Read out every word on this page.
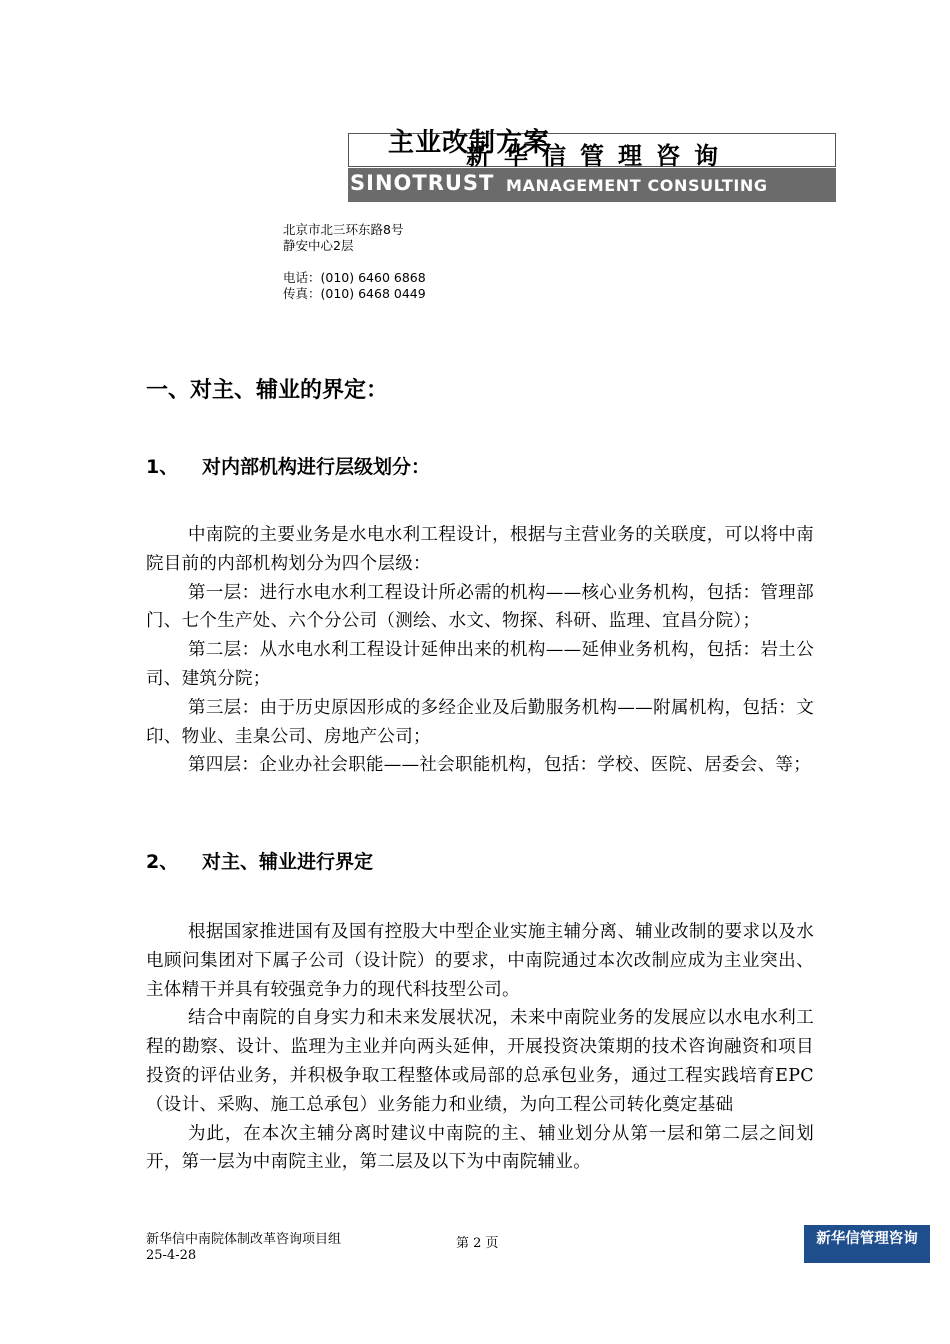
新华信管理咨询
主业改制方案
SINOTRUST MANAGEMENT CONSULTING
北京市北三环东路8号
静安中心2层
电话：(010) 6460 6868
传真：(010) 6468 0449
一、对主、辅业的界定：
1、 对内部机构进行层级划分：

中南院的主要业务是水电水利工程设计，根据与主营业务的关联度，可以将中南院目前的内部机构划分为四个层级：

第一层：进行水电水利工程设计所必需的机构——核心业务机构，包括：管理部门、七个生产处、六个分公司（测绘、水文、物探、科研、监理、宜昌分院）；

第二层：从水电水利工程设计延伸出来的机构——延伸业务机构，包括：岩土公司、建筑分院；

第三层：由于历史原因形成的多经企业及后勤服务机构——附属机构，包括：文印、物业、圭臬公司、房地产公司；

第四层：企业办社会职能——社会职能机构，包括：学校、医院、居委会、等；

2、 对主、辅业进行界定

根据国家推进国有及国有控股大中型企业实施主辅分离、辅业改制的要求以及水电顾问集团对下属子公司（设计院）的要求，中南院通过本次改制应成为主业突出、主体精干并具有较强竞争力的现代科技型公司。

结合中南院的自身实力和未来发展状况，未来中南院业务的发展应以水电水利工程的勘察、设计、监理为主业并向两头延伸，开展投资决策期的技术咨询融资和项目投资的评估业务，并积极争取工程整体或局部的总承包业务，通过工程实践培育EPC（设计、采购、施工总承包）业务能力和业绩，为向工程公司转化奠定基础

为此，在本次主辅分离时建议中南院的主、辅业划分从第一层和第二层之间划开，第一层为中南院主业，第二层及以下为中南院辅业。

新华信中南院体制改革咨询项目组
25-4-28
第 2 页	新华信管理咨询
